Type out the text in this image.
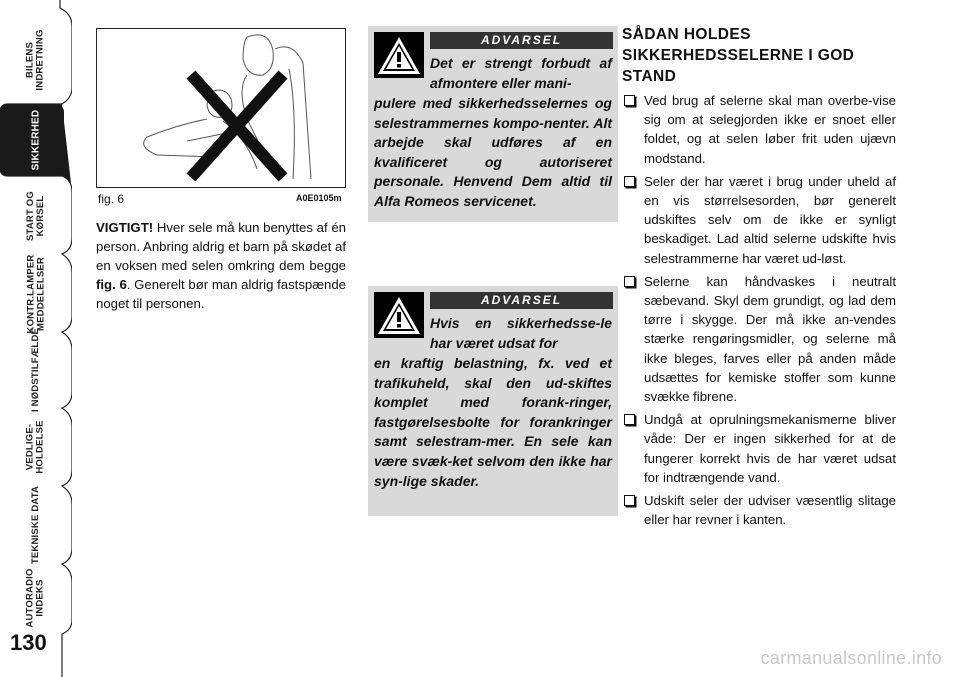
BILENS
INDRETNING
SIKKERHED
START OG
KØRSEL
KONTR.LAMPER
MEDDELELSER
I NØDSTILFÆLDE
VEDLIGE-
HOLDELSE
TEKNISKE DATA
AUTORADIO
INDEKS
130
fig. 6	A0E0105m
VIGTIGT! Hver sele må kun benyttes af én person. Anbring aldrig et barn på skødet af en voksen med selen omkring dem begge fig. 6. Generelt bør man aldrig fastspænde noget til personen.
ADVARSEL
Det er strengt forbudt af afmontere eller mani-
pulere med sikkerhedsselernes og selestrammernes kompo-nenter. Alt arbejde skal udføres af en kvalificeret og autoriseret personale. Henvend Dem altid til Alfa Romeos servicenet.
ADVARSEL
Hvis en sikkerhedsse-le har været udsat for
en kraftig belastning, fx. ved et trafikuheld, skal den ud-skiftes komplet med forank-ringer, fastgørelsesbolte for forankringer samt selestram-mer. En sele kan være svæk-ket selvom den ikke har syn-lige skader.
SÅDAN HOLDES SIKKERHEDSSELERNE I GOD STAND
Ved brug af selerne skal man overbe-vise sig om at selegjorden ikke er snoet eller foldet, og at selen løber frit uden ujævn modstand.
Seler der har været i brug under uheld af en vis størrelsesorden, bør generelt udskiftes selv om de ikke er synligt beskadiget. Lad altid selerne udskifte hvis selestrammerne har været ud-løst.
Selerne kan håndvaskes i neutralt sæbevand. Skyl dem grundigt, og lad dem tørre i skygge. Der må ikke an-vendes stærke rengøringsmidler, og selerne må ikke bleges, farves eller på anden måde udsættes for kemiske stoffer som kunne svække fibrene.
Undgå at oprulningsmekanismerne bliver våde: Der er ingen sikkerhed for at de fungerer korrekt hvis de har været udsat for indtrængende vand.
Udskift seler der udviser væsentlig slitage eller har revner i kanten.
carmanualsonline.info
